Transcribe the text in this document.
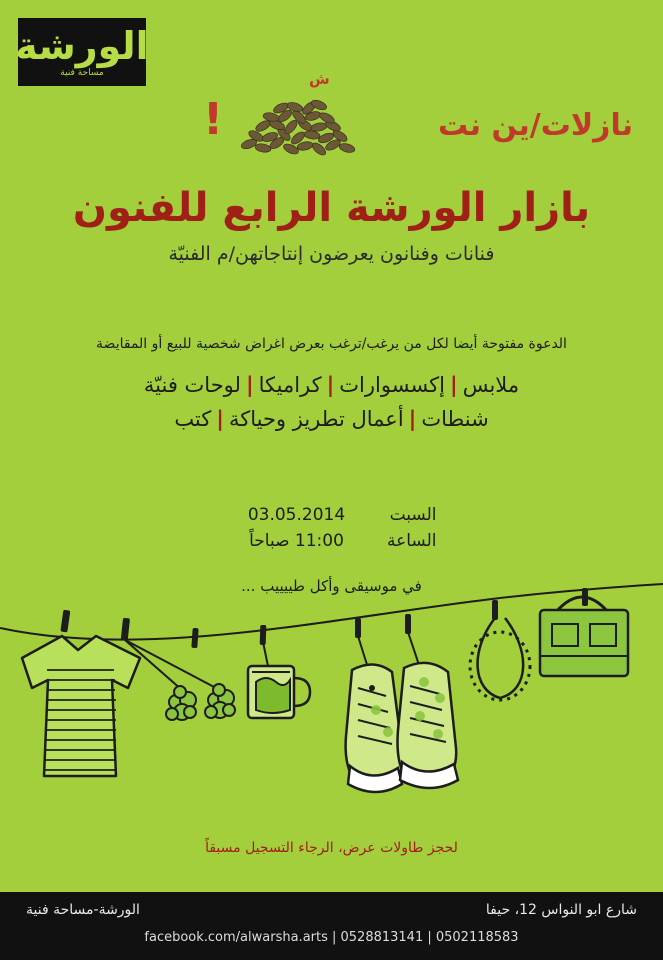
الورشة
مساحة فنية	ش
نازلات/ين نت
!
بازار الورشة الرابع للفنون
فنانات وفنانون يعرضون إنتاجاتهن/م الفنيّة
الدعوة مفتوحة أيضا لكل من يرغب/ترغب بعرض اغراض شخصية للبيع أو المقايضة
ملابس|إكسسوارات|كراميكا|لوحات فنيّة
شنطات|أعمال تطريز وحياكة|كتب
السبت03.05.2014
الساعة11:00 صباحاً
في موسيقى وأكل طييييب ...
لحجز طاولات عرض، الرجاء التسجيل مسبقاً
شارع ابو النواس 12، حيفا
الورشة-مساحة فنية
facebook.com/alwarsha.arts | 0528813141 | 0502118583
